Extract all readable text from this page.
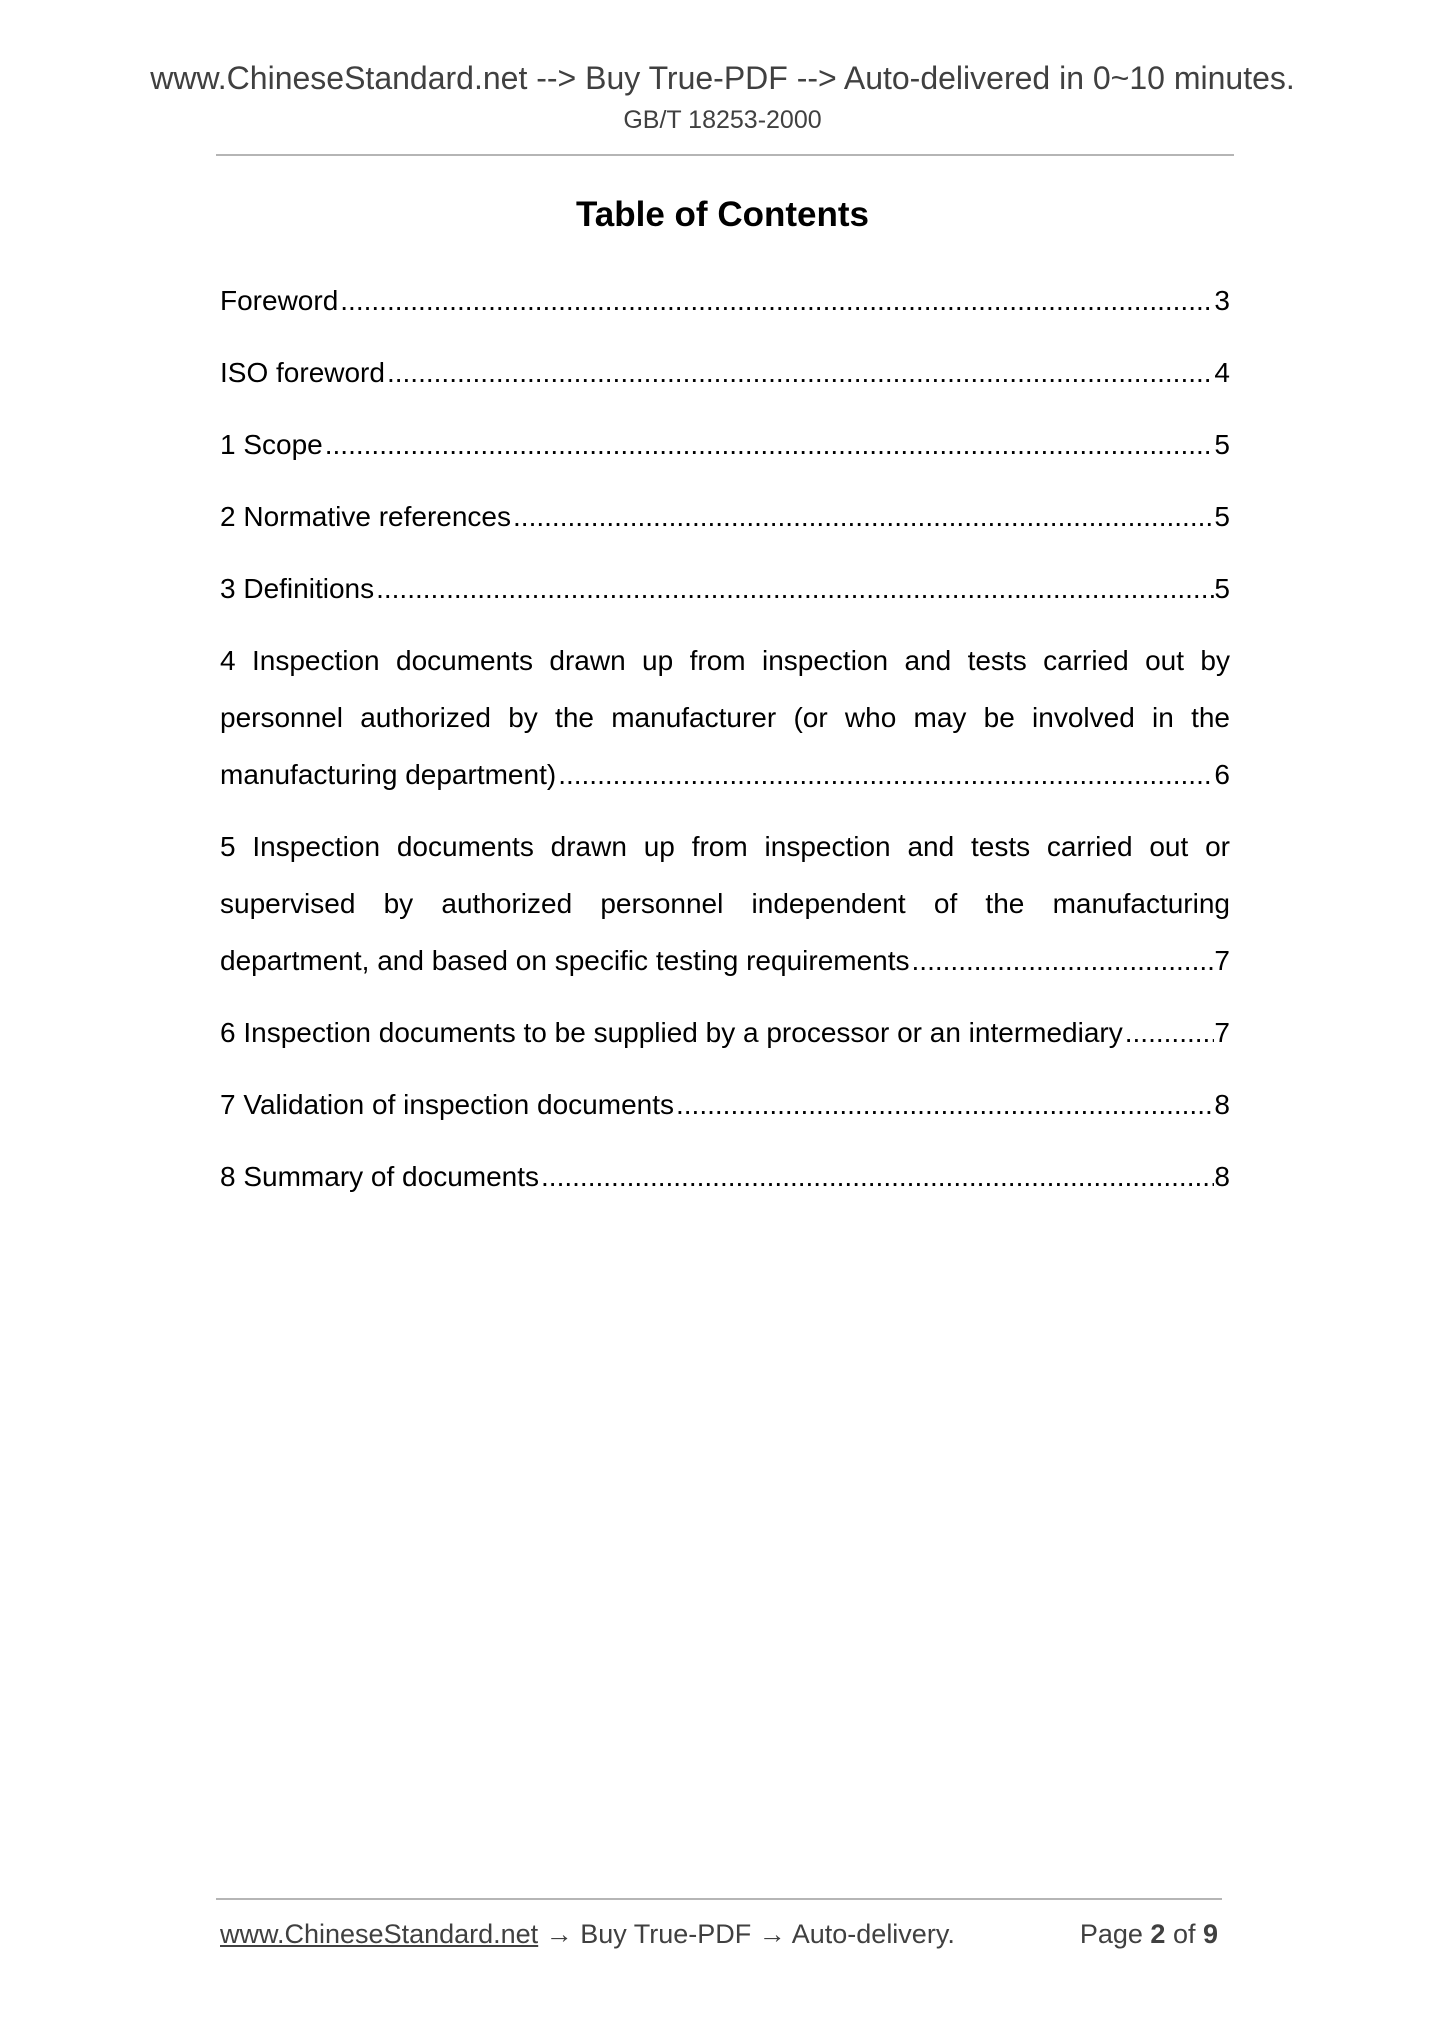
www.ChineseStandard.net --> Buy True-PDF --> Auto-delivered in 0~10 minutes.
GB/T 18253-2000
Table of Contents
Foreword .....	3
ISO foreword .....	4
1 Scope .....	5
2 Normative references .....	5
3 Definitions .....	5
4 Inspection documents drawn up from inspection and tests carried out by
personnel authorized by the manufacturer (or who may be involved in the
manufacturing department) .....	6
5 Inspection documents drawn up from inspection and tests carried out or
supervised by authorized personnel independent of the manufacturing
department, and based on specific testing requirements .....	7
6 Inspection documents to be supplied by a processor or an intermediary .....	7
7 Validation of inspection documents .....	8
8 Summary of documents .....	8
www.ChineseStandard.net → Buy True-PDF → Auto-delivery.	Page 2 of 9
